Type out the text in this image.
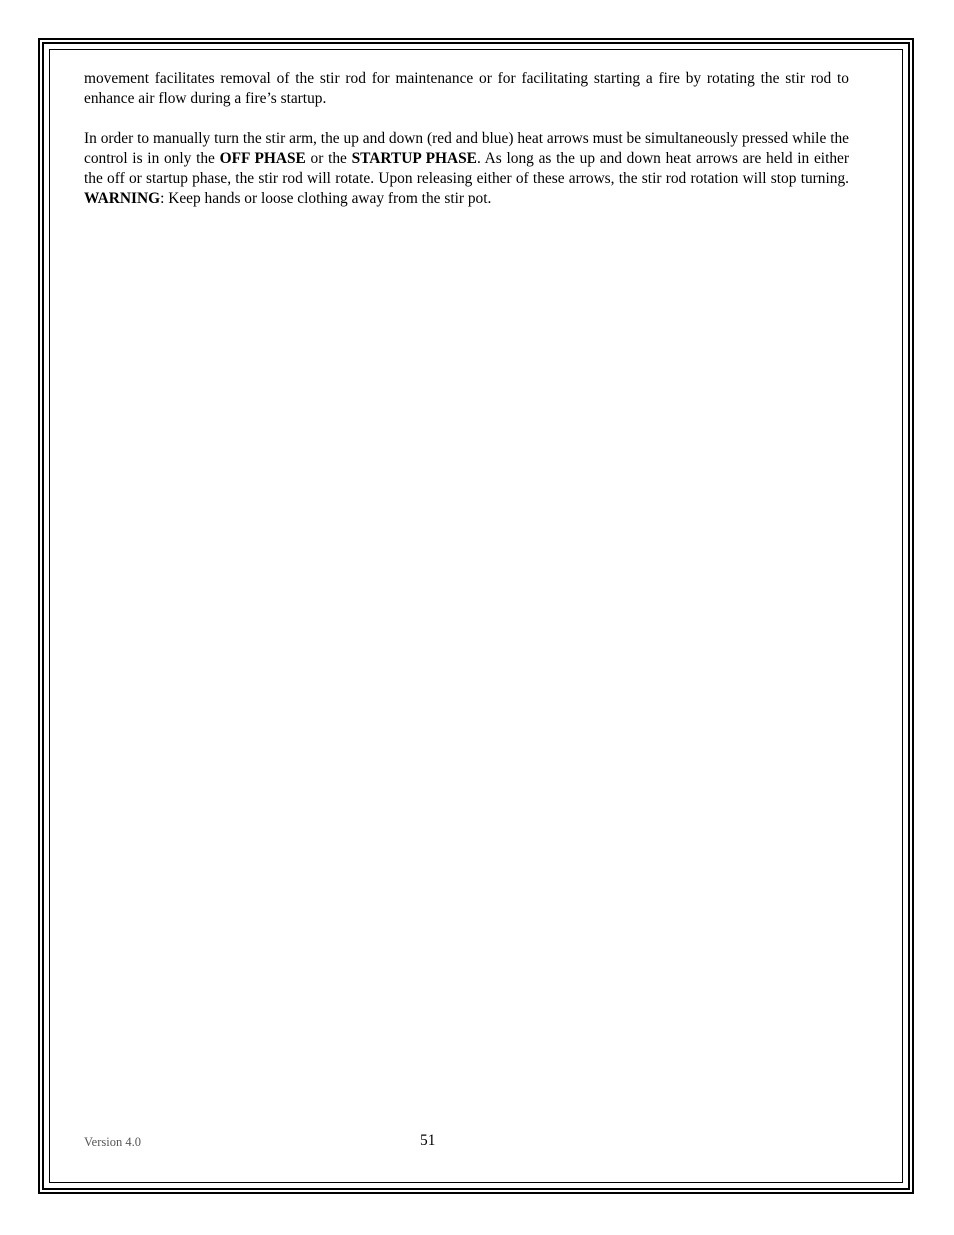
movement facilitates removal of the stir rod for maintenance or for facilitating starting a fire by rotating the stir rod to enhance air flow during a fire’s startup.

In order to manually turn the stir arm, the up and down (red and blue) heat arrows must be simultaneously pressed while the control is in only the OFF PHASE or the STARTUP PHASE. As long as the up and down heat arrows are held in either the off or startup phase, the stir rod will rotate. Upon releasing either of these arrows, the stir rod rotation will stop turning. WARNING: Keep hands or loose clothing away from the stir pot.

Version 4.0	51
